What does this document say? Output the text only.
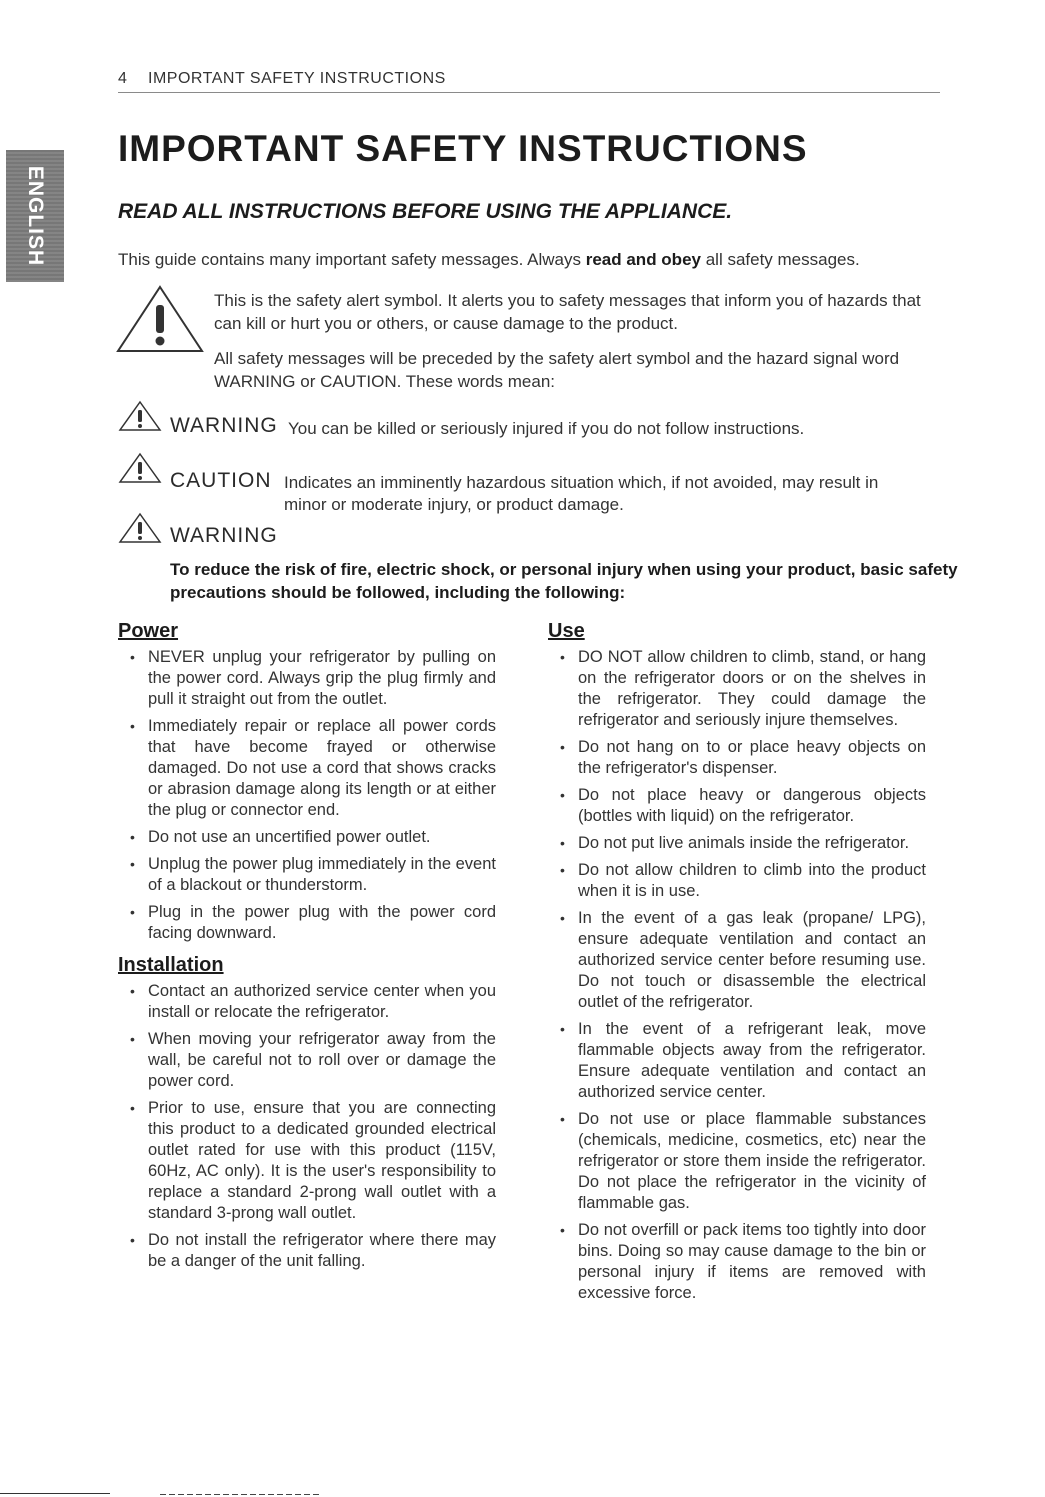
4 IMPORTANT SAFETY INSTRUCTIONS
ENGLISH
IMPORTANT SAFETY INSTRUCTIONS
READ ALL INSTRUCTIONS BEFORE USING THE APPLIANCE.
This guide contains many important safety messages. Always read and obey all safety messages.
This is the safety alert symbol. It alerts you to safety messages that inform you of hazards that can kill or hurt you or others, or cause damage to the product.
All safety messages will be preceded by the safety alert symbol and the hazard signal word WARNING or CAUTION. These words mean:
WARNING You can be killed or seriously injured if you do not follow instructions.
CAUTION Indicates an imminently hazardous situation which, if not avoided, may result in
minor or moderate injury, or product damage.
WARNING
To reduce the risk of fire, electric shock, or personal injury when using your product, basic safety precautions should be followed, including the following:
Power
• NEVER unplug your refrigerator by pulling on the power cord. Always grip the plug firmly and pull it straight out from the outlet.
• Immediately repair or replace all power cords that have become frayed or otherwise damaged. Do not use a cord that shows cracks or abrasion damage along its length or at either the plug or connector end.
• Do not use an uncertified power outlet.
• Unplug the power plug immediately in the event of a blackout or thunderstorm.
• Plug in the power plug with the power cord facing downward.
Installation
• Contact an authorized service center when you install or relocate the refrigerator.
• When moving your refrigerator away from the wall, be careful not to roll over or damage the power cord.
• Prior to use, ensure that you are connecting this product to a dedicated grounded electrical outlet rated for use with this product (115V, 60Hz, AC only). It is the user's responsibility to replace a standard 2-prong wall outlet with a standard 3-prong wall outlet.
• Do not install the refrigerator where there may be a danger of the unit falling.
Use
• DO NOT allow children to climb, stand, or hang on the refrigerator doors or on the shelves in the refrigerator. They could damage the refrigerator and seriously injure themselves.
• Do not hang on to or place heavy objects on the refrigerator's dispenser.
• Do not place heavy or dangerous objects (bottles with liquid) on the refrigerator.
• Do not put live animals inside the refrigerator.
• Do not allow children to climb into the product when it is in use.
• In the event of a gas leak (propane/ LPG), ensure adequate ventilation and contact an authorized service center before resuming use. Do not touch or disassemble the electrical outlet of the refrigerator.
• In the event of a refrigerant leak, move flammable objects away from the refrigerator. Ensure adequate ventilation and contact an authorized service center.
• Do not use or place flammable substances (chemicals, medicine, cosmetics, etc) near the refrigerator or store them inside the refrigerator. Do not place the refrigerator in the vicinity of flammable gas.
• Do not overfill or pack items too tightly into door bins. Doing so may cause damage to the bin or personal injury if items are removed with excessive force.
